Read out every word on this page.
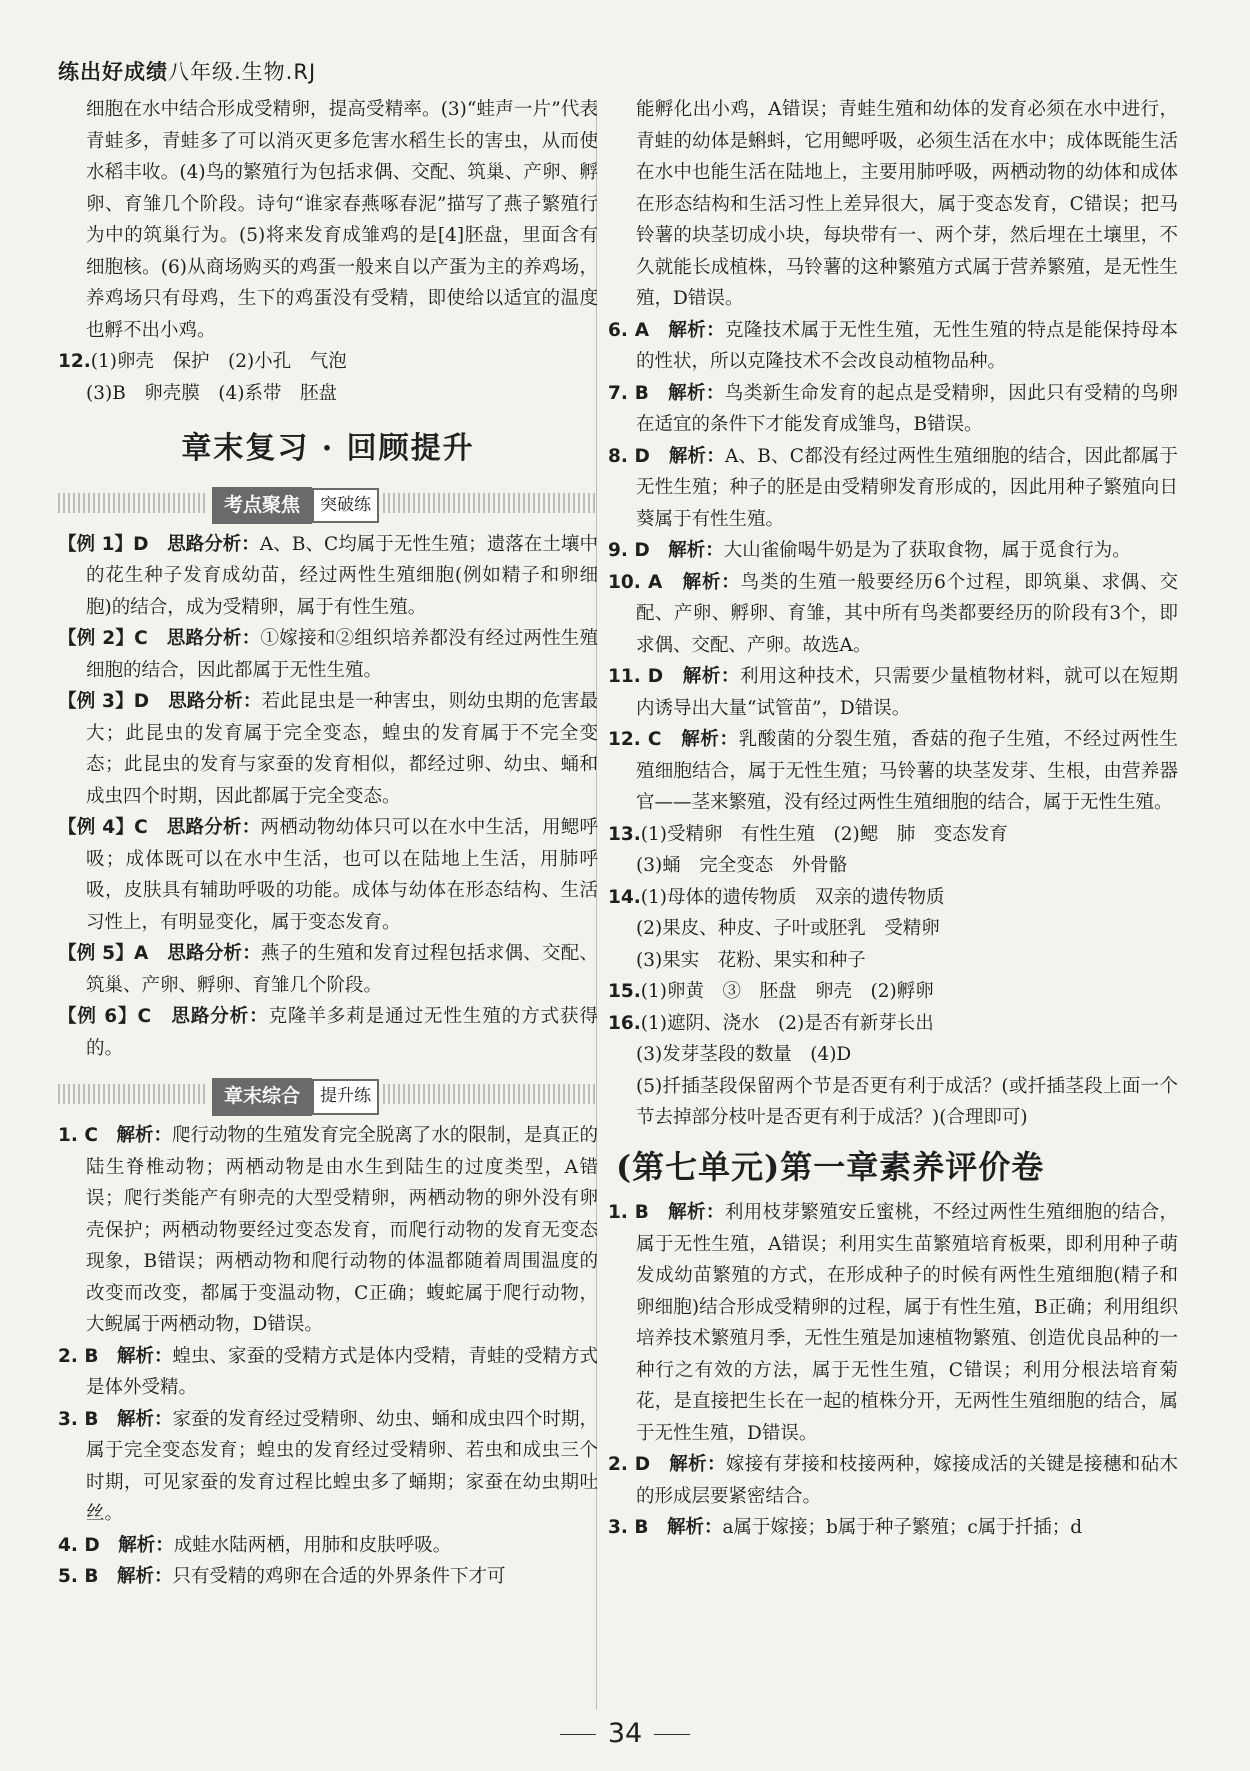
练出好成绩八年级.生物.RJ

细胞在水中结合形成受精卵，提高受精率。(3)“蛙声一片”代表青蛙多，青蛙多了可以消灭更多危害水稻生长的害虫，从而使水稻丰收。(4)鸟的繁殖行为包括求偶、交配、筑巢、产卵、孵卵、育雏几个阶段。诗句“谁家春燕啄春泥”描写了燕子繁殖行为中的筑巢行为。(5)将来发育成雏鸡的是[4]胚盘，里面含有细胞核。(6)从商场购买的鸡蛋一般来自以产蛋为主的养鸡场，养鸡场只有母鸡，生下的鸡蛋没有受精，即使给以适宜的温度也孵不出小鸡。

12.(1)卵壳　保护　(2)小孔　气泡
(3)B　卵壳膜　(4)系带　胚盘

章末复习 · 回顾提升
考点聚焦	突破练

【例 1】D　 思路分析：A、B、C均属于无性生殖；遗落在土壤中的花生种子发育成幼苗，经过两性生殖细胞(例如精子和卵细胞)的结合，成为受精卵，属于有性生殖。

【例 2】C　 思路分析：①嫁接和②组织培养都没有经过两性生殖细胞的结合，因此都属于无性生殖。

【例 3】D　 思路分析：若此昆虫是一种害虫，则幼虫期的危害最大；此昆虫的发育属于完全变态，蝗虫的发育属于不完全变态；此昆虫的发育与家蚕的发育相似，都经过卵、幼虫、蛹和成虫四个时期，因此都属于完全变态。

【例 4】C　 思路分析：两栖动物幼体只可以在水中生活，用鳃呼吸；成体既可以在水中生活，也可以在陆地上生活，用肺呼吸，皮肤具有辅助呼吸的功能。成体与幼体在形态结构、生活习性上，有明显变化，属于变态发育。

【例 5】A　 思路分析：燕子的生殖和发育过程包括求偶、交配、筑巢、产卵、孵卵、育雏几个阶段。

【例 6】C　 思路分析：克隆羊多莉是通过无性生殖的方式获得的。

章末综合	提升练

1. C　 解析：爬行动物的生殖发育完全脱离了水的限制，是真正的陆生脊椎动物；两栖动物是由水生到陆生的过度类型，A错误；爬行类能产有卵壳的大型受精卵，两栖动物的卵外没有卵壳保护；两栖动物要经过变态发育，而爬行动物的发育无变态现象，B错误；两栖动物和爬行动物的体温都随着周围温度的改变而改变，都属于变温动物，C正确；蝮蛇属于爬行动物，大鲵属于两栖动物，D错误。

2. B　 解析：蝗虫、家蚕的受精方式是体内受精，青蛙的受精方式是体外受精。

3. B　 解析：家蚕的发育经过受精卵、幼虫、蛹和成虫四个时期，属于完全变态发育；蝗虫的发育经过受精卵、若虫和成虫三个时期，可见家蚕的发育过程比蝗虫多了蛹期；家蚕在幼虫期吐丝。

4. D　 解析：成蛙水陆两栖，用肺和皮肤呼吸。

5. B　 解析：只有受精的鸡卵在合适的外界条件下才可

能孵化出小鸡，A错误；青蛙生殖和幼体的发育必须在水中进行，青蛙的幼体是蝌蚪，它用鳃呼吸，必须生活在水中；成体既能生活在水中也能生活在陆地上，主要用肺呼吸，两栖动物的幼体和成体在形态结构和生活习性上差异很大，属于变态发育，C错误；把马铃薯的块茎切成小块，每块带有一、两个芽，然后埋在土壤里，不久就能长成植株，马铃薯的这种繁殖方式属于营养繁殖，是无性生殖，D错误。

6. A　 解析：克隆技术属于无性生殖，无性生殖的特点是能保持母本的性状，所以克隆技术不会改良动植物品种。

7. B　 解析：鸟类新生命发育的起点是受精卵，因此只有受精的鸟卵在适宜的条件下才能发育成雏鸟，B错误。

8. D　 解析：A、B、C都没有经过两性生殖细胞的结合，因此都属于无性生殖；种子的胚是由受精卵发育形成的，因此用种子繁殖向日葵属于有性生殖。

9. D　 解析：大山雀偷喝牛奶是为了获取食物，属于觅食行为。

10. A　 解析：鸟类的生殖一般要经历6个过程，即筑巢、求偶、交配、产卵、孵卵、育雏，其中所有鸟类都要经历的阶段有3个，即求偶、交配、产卵。故选A。

11. D　 解析：利用这种技术，只需要少量植物材料，就可以在短期内诱导出大量“试管苗”，D错误。

12. C　 解析：乳酸菌的分裂生殖，香菇的孢子生殖，不经过两性生殖细胞结合，属于无性生殖；马铃薯的块茎发芽、生根，由营养器官——茎来繁殖，没有经过两性生殖细胞的结合，属于无性生殖。

13.(1)受精卵　有性生殖　(2)鳃　肺　变态发育
(3)蛹　完全变态　外骨骼

14.(1)母体的遗传物质　双亲的遗传物质
(2)果皮、种皮、子叶或胚乳　受精卵
(3)果实　花粉、果实和种子

15.(1)卵黄　③　胚盘　卵壳　(2)孵卵

16.(1)遮阴、浇水　(2)是否有新芽长出
(3)发芽茎段的数量　(4)D
(5)扦插茎段保留两个节是否更有利于成活？(或扦插茎段上面一个节去掉部分枝叶是否更有利于成活？)(合理即可)

(第七单元)第一章素养评价卷

1. B　 解析：利用枝芽繁殖安丘蜜桃，不经过两性生殖细胞的结合，属于无性生殖，A错误；利用实生苗繁殖培育板栗，即利用种子萌发成幼苗繁殖的方式，在形成种子的时候有两性生殖细胞(精子和卵细胞)结合形成受精卵的过程，属于有性生殖，B正确；利用组织培养技术繁殖月季，无性生殖是加速植物繁殖、创造优良品种的一种行之有效的方法，属于无性生殖，C错误；利用分根法培育菊花，是直接把生长在一起的植株分开，无两性生殖细胞的结合，属于无性生殖，D错误。

2. D　 解析：嫁接有芽接和枝接两种，嫁接成活的关键是接穗和砧木的形成层要紧密结合。

3. B　 解析：a属于嫁接；b属于种子繁殖；c属于扦插；d

34
